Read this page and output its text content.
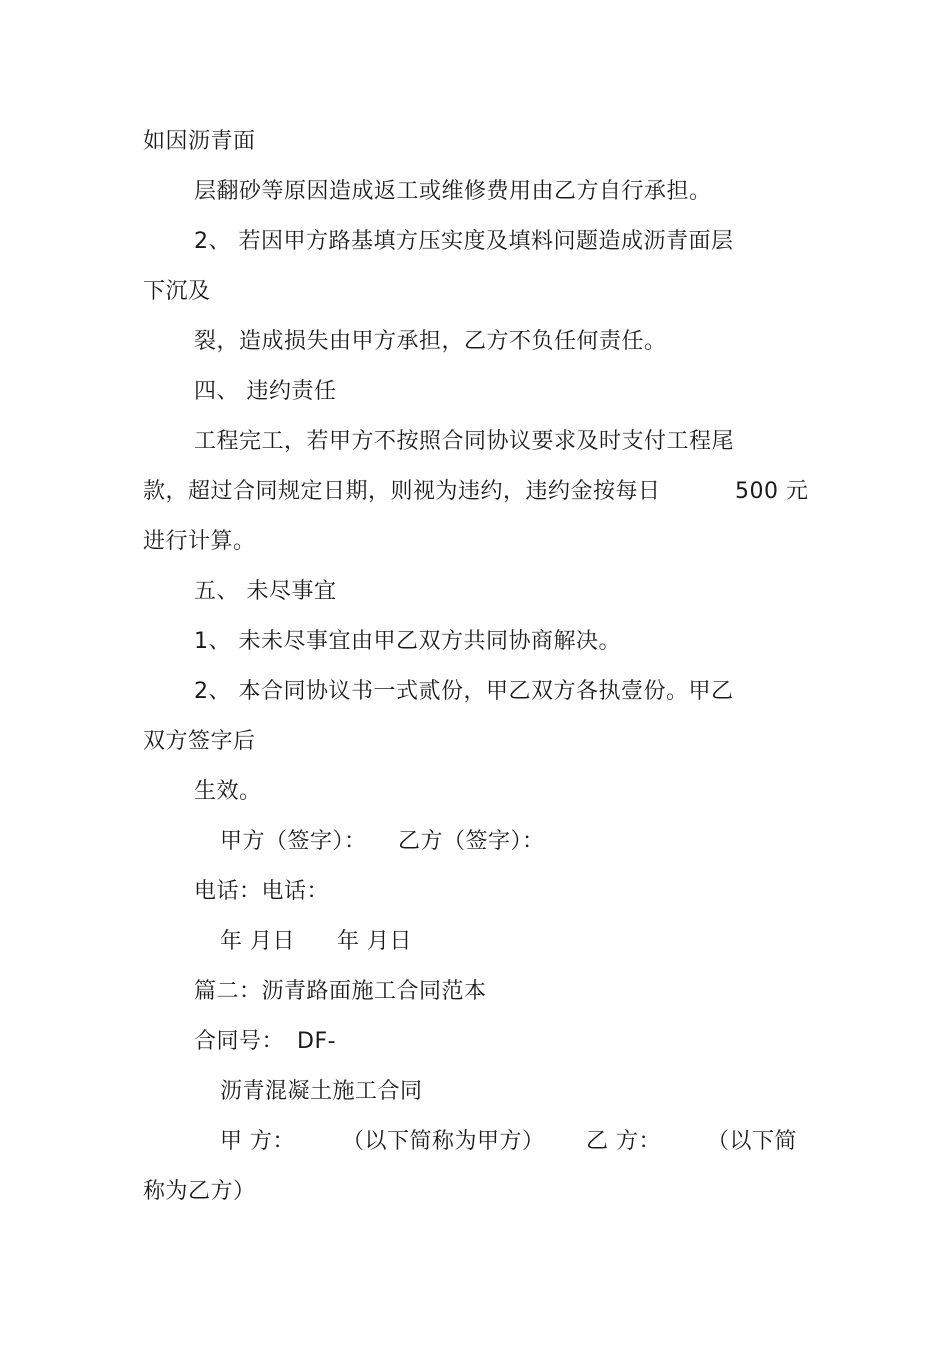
如因沥青面
层翻砂等原因造成返工或维修费用由乙方自行承担。
2、 若因甲方路基填方压实度及填料问题造成沥青面层
下沉及
裂，造成损失由甲方承担，乙方不负任何责任。
四、 违约责任
工程完工，若甲方不按照合同协议要求及时支付工程尾
款，超过合同规定日期，则视为违约，违约金按每日	500 元
进行计算。
五、 未尽事宜
1、 未未尽事宜由甲乙双方共同协商解决。
2、 本合同协议书一式贰份，甲乙双方各执壹份。甲乙
双方签字后
生效。
甲方（签字）： 乙方（签字）：
电话：电话：
年 月日 年 月日
篇二：沥青路面施工合同范本
合同号： DF-
沥青混凝土施工合同
甲 方： （以下简称为甲方） 乙 方： （以下简
称为乙方）
